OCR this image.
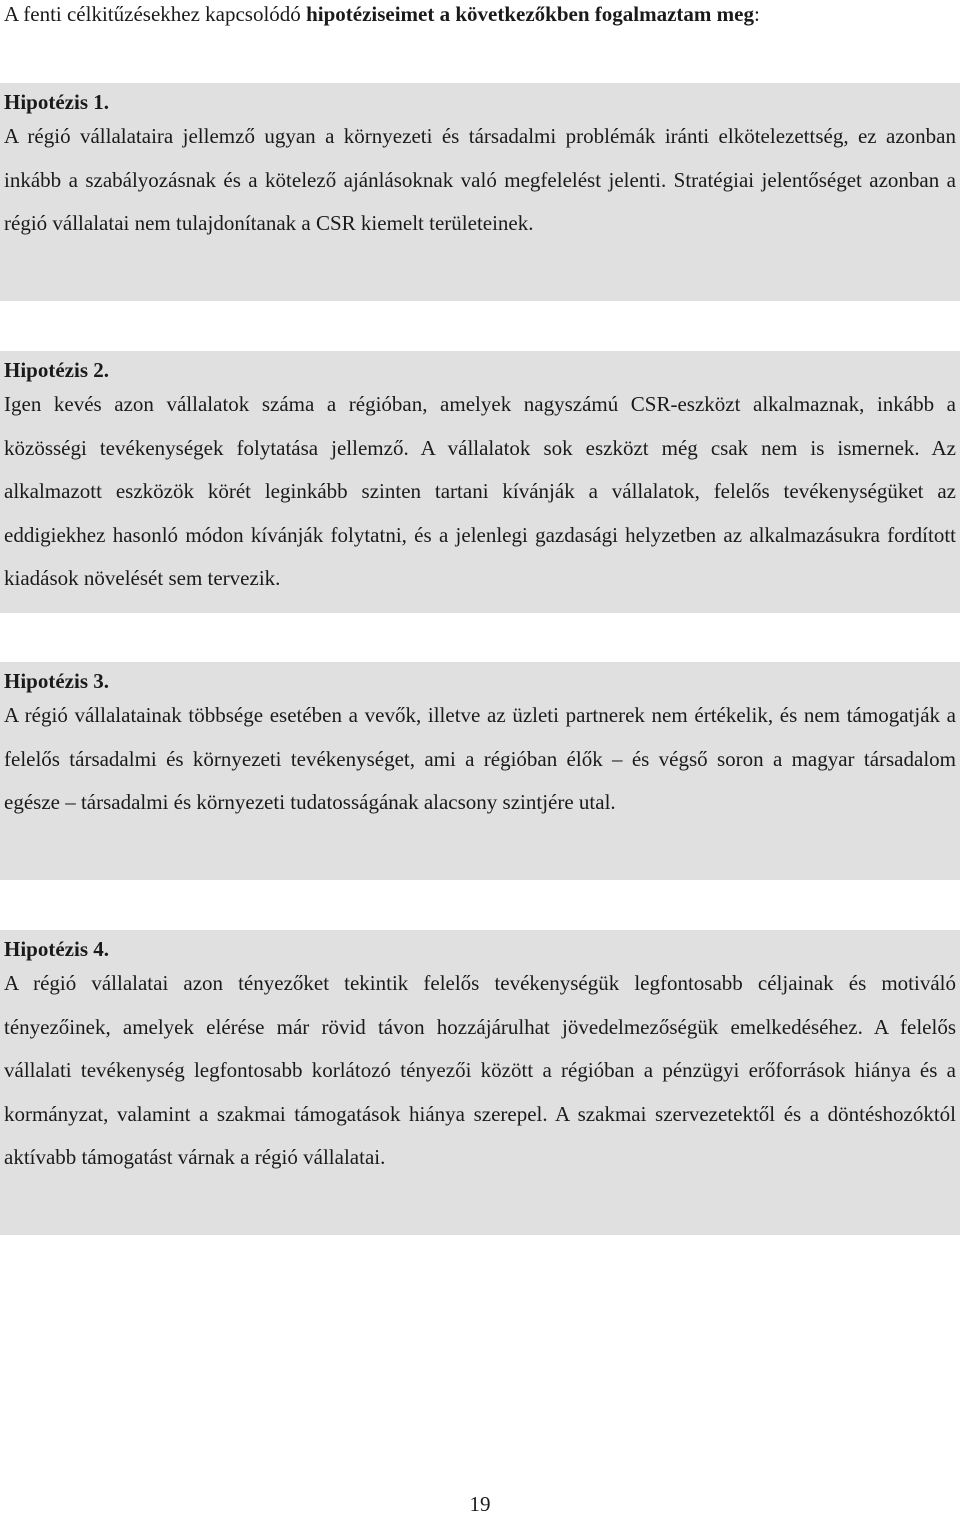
A fenti célkitűzésekhez kapcsolódó hipotéziseimet a következőkben fogalmaztam meg:
Hipotézis 1.

A régió vállalataira jellemző ugyan a környezeti és társadalmi problémák iránti elkötelezettség, ez azonban inkább a szabályozásnak és a kötelező ajánlásoknak való megfelelést jelenti. Stratégiai jelentőséget azonban a régió vállalatai nem tulajdonítanak a CSR kiemelt területeinek.

Hipotézis 2.

Igen kevés azon vállalatok száma a régióban, amelyek nagyszámú CSR-eszközt alkalmaznak, inkább a közösségi tevékenységek folytatása jellemző. A vállalatok sok eszközt még csak nem is ismernek. Az alkalmazott eszközök körét leginkább szinten tartani kívánják a vállalatok, felelős tevékenységüket az eddigiekhez hasonló módon kívánják folytatni, és a jelenlegi gazdasági helyzetben az alkalmazásukra fordított kiadások növelését sem tervezik.

Hipotézis 3.

A régió vállalatainak többsége esetében a vevők, illetve az üzleti partnerek nem értékelik, és nem támogatják a felelős társadalmi és környezeti tevékenységet, ami a régióban élők – és végső soron a magyar társadalom egésze – társadalmi és környezeti tudatosságának alacsony szintjére utal.

Hipotézis 4.

A régió vállalatai azon tényezőket tekintik felelős tevékenységük legfontosabb céljainak és motiváló tényezőinek, amelyek elérése már rövid távon hozzájárulhat jövedelmezőségük emelkedéséhez. A felelős vállalati tevékenység legfontosabb korlátozó tényezői között a régióban a pénzügyi erőforrások hiánya és a kormányzat, valamint a szakmai támogatások hiánya szerepel. A szakmai szervezetektől és a döntéshozóktól aktívabb támogatást várnak a régió vállalatai.

19
